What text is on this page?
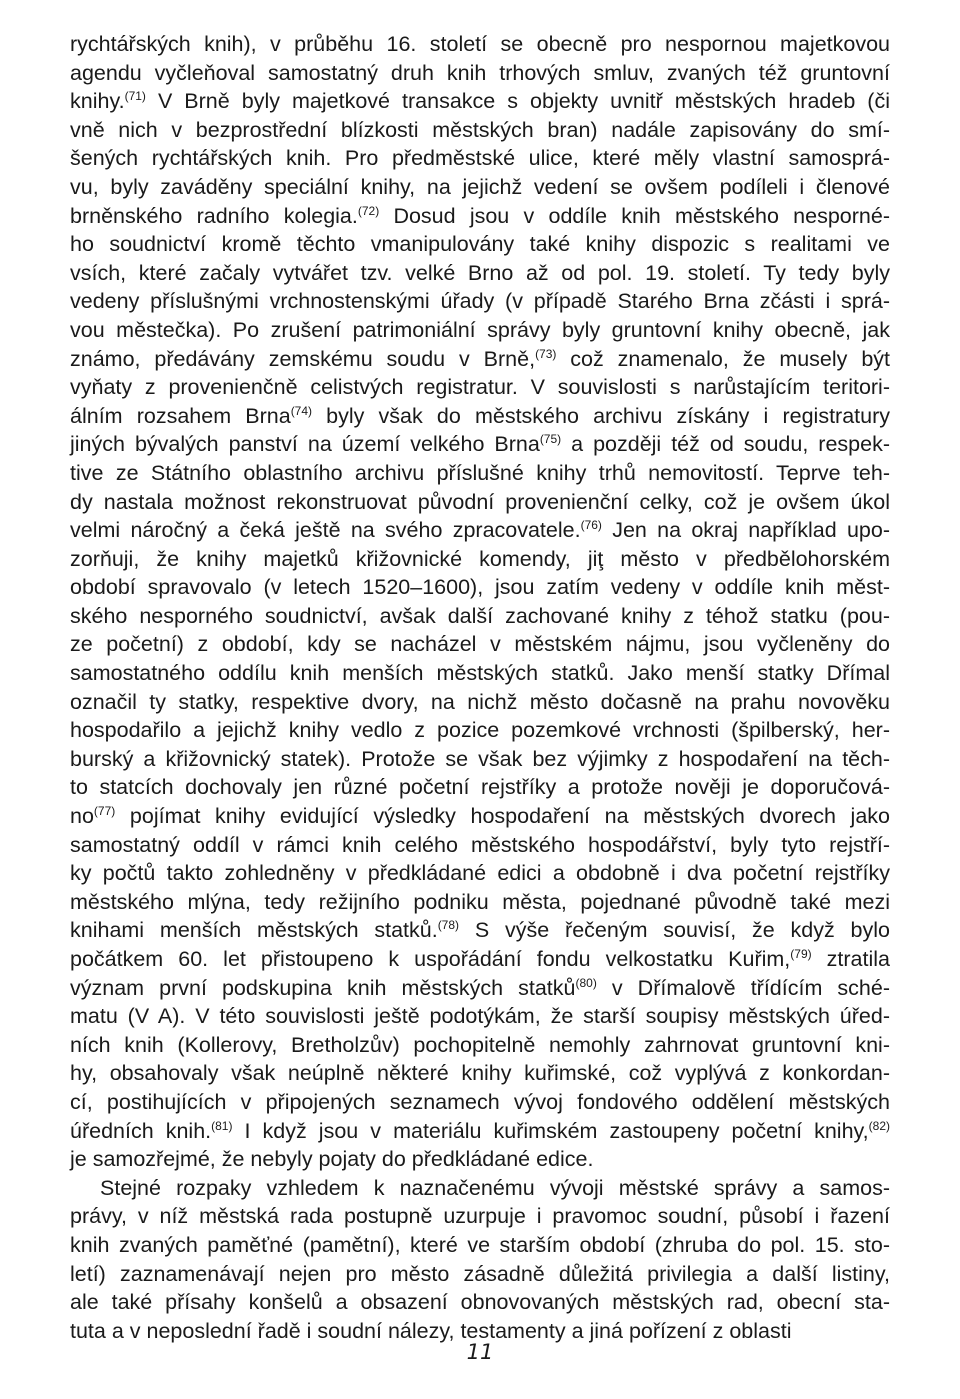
rychtářských knih), v průběhu 16. století se obecně pro nespornou majetkovou
agendu vyčleňoval samostatný druh knih trhových smluv, zvaných též gruntovní
knihy.$^{(71)}$ V Brně byly majetkové transakce s objekty uvnitř městských hradeb (či
vně nich v bezprostřední blízkosti městských bran) nadále zapisovány do smí-
šených rychtářských knih. Pro předměstské ulice, které měly vlastní samosprá-
vu, byly zaváděny speciální knihy, na jejichž vedení se ovšem podíleli i členové
brněnského radního kolegia.$^{(72)}$ Dosud jsou v oddíle knih městského nesporné-
ho soudnictví kromě těchto vmanipulovány také knihy dispozic s realitami ve
vsích, které začaly vytvářet tzv. velké Brno až od pol. 19. století. Ty tedy byly
vedeny příslušnými vrchnostenskými úřady (v případě Starého Brna zčásti i sprá-
vou městečka). Po zrušení patrimoniální správy byly gruntovní knihy obecně, jak
známo, předávány zemskému soudu v Brně,$^{(73)}$ což znamenalo, že musely být
vyňaty z provenienčně celistvých registratur. V souvislosti s narůstajícím teritori-
álním rozsahem Brna$^{(74)}$ byly však do městského archivu získány i registratury
jiných bývalých panství na území velkého Brna$^{(75)}$ a později též od soudu, respek-
tive ze Státního oblastního archivu příslušné knihy trhů nemovitostí. Teprve teh-
dy nastala možnost rekonstruovat původní provenienční celky, což je ovšem úkol
velmi náročný a čeká ještě na svého zpracovatele.$^{(76)}$ Jen na okraj například upo-
zorňuji, že knihy majetků křižovnické komendy, jiţ město v předbělohorském
období spravovalo (v letech 1520–1600), jsou zatím vedeny v oddíle knih měst-
ského nesporného soudnictví, avšak další zachované knihy z téhož statku (pou-
ze početní) z období, kdy se nacházel v městském nájmu, jsou vyčleněny do
samostatného oddílu knih menších městských statků. Jako menší statky Dřímal
označil ty statky, respektive dvory, na nichž město dočasně na prahu novověku
hospodařilo a jejichž knihy vedlo z pozice pozemkové vrchnosti (špilberský, her-
burský a křižovnický statek). Protože se však bez výjimky z hospodaření na těch-
to statcích dochovaly jen různé početní rejstříky a protože nověji je doporučová-
no$^{(77)}$ pojímat knihy evidující výsledky hospodaření na městských dvorech jako
samostatný oddíl v rámci knih celého městského hospodářství, byly tyto rejstří-
ky počtů takto zohledněny v předkládané edici a obdobně i dva početní rejstříky
městského mlýna, tedy režijního podniku města, pojednané původně také mezi
knihami menších městských statků.$^{(78)}$ S výše řečeným souvisí, že když bylo
počátkem 60. let přistoupeno k uspořádání fondu velkostatku Kuřim,$^{(79)}$ ztratila
význam první podskupina knih městských statků$^{(80)}$ v Dřímalově třídícím sché-
matu (V A). V této souvislosti ještě podotýkám, že starší soupisy městských úřed-
ních knih (Kollerovy, Bretholzův) pochopitelně nemohly zahrnovat gruntovní kni-
hy, obsahovaly však neúplně některé knihy kuřimské, což vyplývá z konkordan-
cí, postihujících v připojených seznamech vývoj fondového oddělení městských
úředních knih.$^{(81)}$ I když jsou v materiálu kuřimském zastoupeny početní knihy,$^{(82)}$
je samozřejmé, že nebyly pojaty do předkládané edice.
Stejné rozpaky vzhledem k naznačenému vývoji městské správy a samos-
právy, v níž městská rada postupně uzurpuje i pravomoc soudní, působí i řazení
knih zvaných paměťné (pamětní), které ve starším období (zhruba do pol. 15. sto-
letí) zaznamenávají nejen pro město zásadně důležitá privilegia a další listiny,
ale také přísahy konšelů a obsazení obnovovaných městských rad, obecní sta-
tuta a v neposlední řadě i soudní nálezy, testamenty a jiná pořízení z oblasti
11
